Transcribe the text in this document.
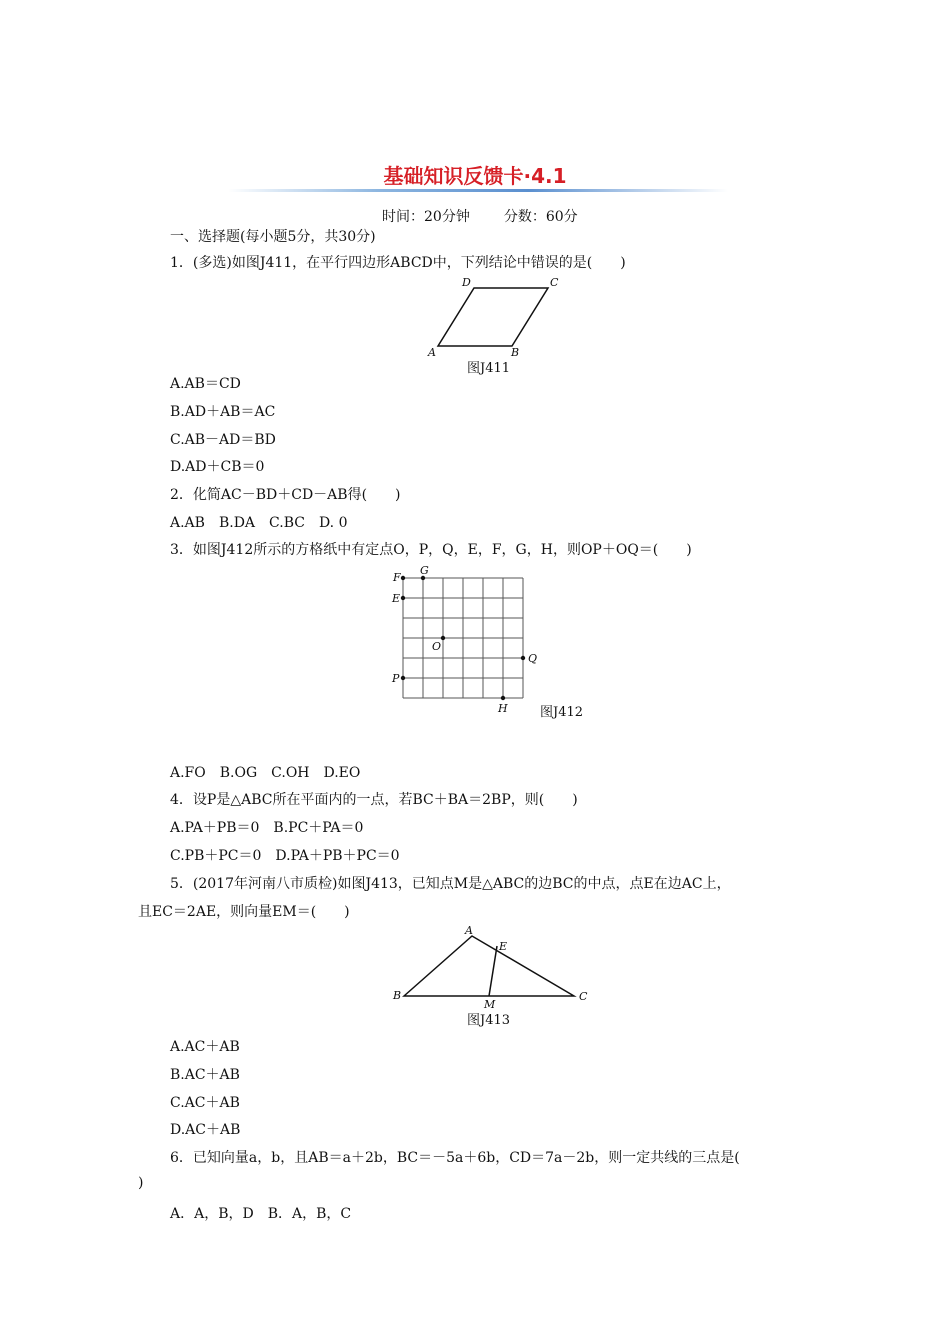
基础知识反馈卡·4.1
时间：20分钟 分数：60分
一、选择题(每小题5分，共30分)
1．(多选)如图J411，在平行四边形ABCD中，下列结论中错误的是(　　)
A	B
C
D
图J411
A.AB＝CD
B.AD＋AB＝AC
C.AB－AD＝BD
D.AD＋CB＝0
2．化简AC－BD＋CD－AB得(　　)
A.AB　B.DA　C.BC　D. 0
3．如图J412所示的方格纸中有定点O，P，Q，E，F，G，H，则OP＋OQ＝(　　)
F
G
E
O
Q
P
H 图J412
A.FO　B.OG　C.OH　D.EO
4．设P是△ABC所在平面内的一点，若BC＋BA＝2BP，则(　　)
A.PA＋PB＝0　B.PC＋PA＝0
C.PB＋PC＝0　D.PA＋PB＋PC＝0
5．(2017年河南八市质检)如图J413，已知点M是△ABC的边BC的中点，点E在边AC上，
且EC＝2AE，则向量EM＝(　　)
A
E
B
M
C
图J413
A.AC＋AB
B.AC＋AB
C.AC＋AB
D.AC＋AB
6．已知向量a，b，且AB＝a＋2b，BC＝－5a＋6b，CD＝7a－2b，则一定共线的三点是(
)
A．A，B，D　B．A，B，C
